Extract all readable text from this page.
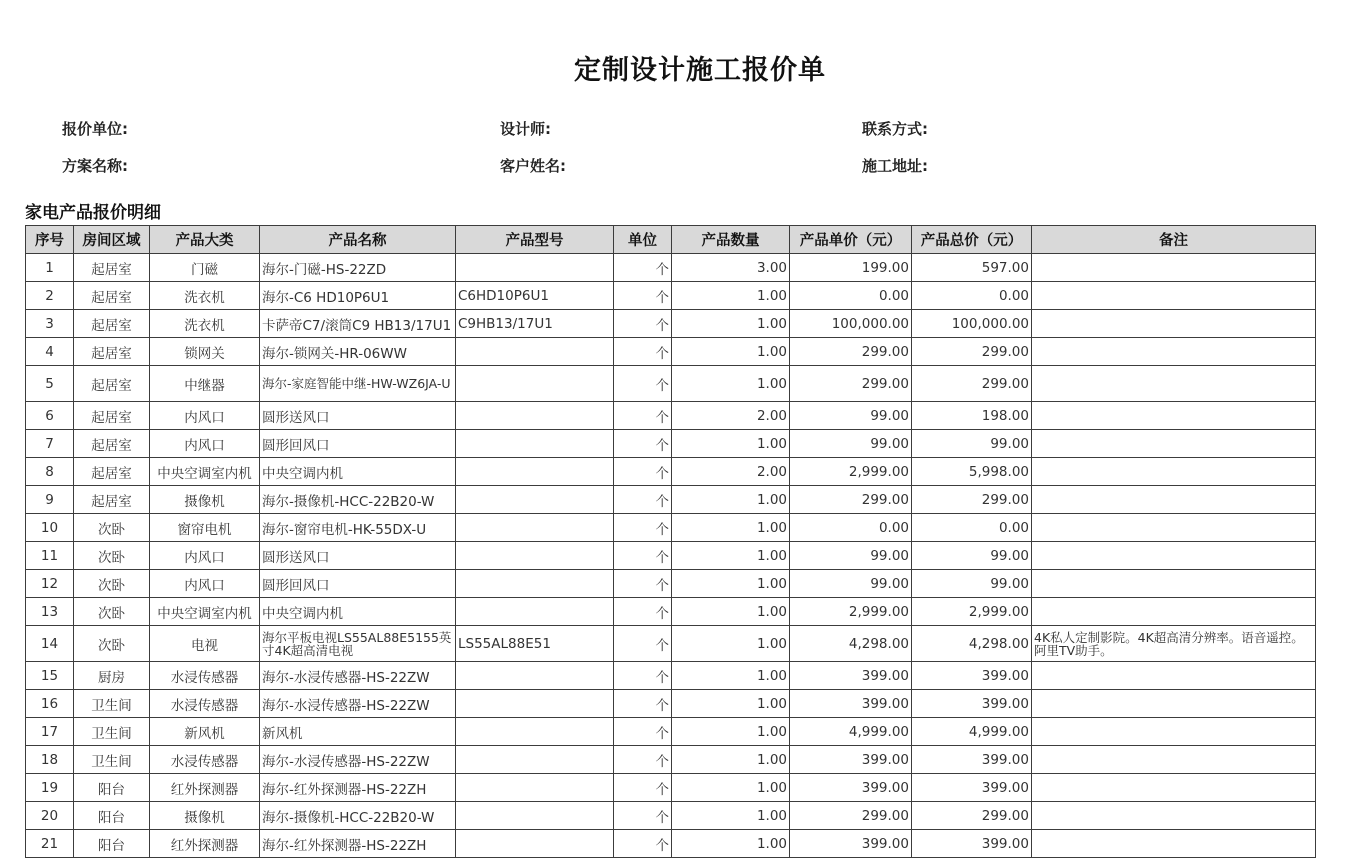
定制设计施工报价单
报价单位:	设计师:	联系方式:
方案名称:	客户姓名:	施工地址:
家电产品报价明细
序号	房间区域	产品大类	产品名称	产品型号	单位	产品数量	产品单价（元）	产品总价（元）	备注
1	起居室	门磁	海尔-门磁-HS-22ZD		个	3.00	199.00	597.00	
2	起居室	洗衣机	海尔-C6 HD10P6U1	C6HD10P6U1	个	1.00	0.00	0.00	
3	起居室	洗衣机	卡萨帝C7/滚筒C9 HB13/17U1	C9HB13/17U1	个	1.00	100,000.00	100,000.00	
4	起居室	锁网关	海尔-锁网关-HR-06WW		个	1.00	299.00	299.00	
5	起居室	中继器	海尔-家庭智能中继-HW-WZ6JA-U		个	1.00	299.00	299.00	
6	起居室	内风口	圆形送风口		个	2.00	99.00	198.00	
7	起居室	内风口	圆形回风口		个	1.00	99.00	99.00	
8	起居室	中央空调室内机	中央空调内机		个	2.00	2,999.00	5,998.00	
9	起居室	摄像机	海尔-摄像机-HCC-22B20-W		个	1.00	299.00	299.00	
10	次卧	窗帘电机	海尔-窗帘电机-HK-55DX-U		个	1.00	0.00	0.00	
11	次卧	内风口	圆形送风口		个	1.00	99.00	99.00	
12	次卧	内风口	圆形回风口		个	1.00	99.00	99.00	
13	次卧	中央空调室内机	中央空调内机		个	1.00	2,999.00	2,999.00	
14	次卧	电视	海尔平板电视LS55AL88E5155英寸4K超高清电视	LS55AL88E51	个	1.00	4,298.00	4,298.00	4K私人定制影院。4K超高清分辨率。语音遥控。阿里TV助手。
15	厨房	水浸传感器	海尔-水浸传感器-HS-22ZW		个	1.00	399.00	399.00	
16	卫生间	水浸传感器	海尔-水浸传感器-HS-22ZW		个	1.00	399.00	399.00	
17	卫生间	新风机	新风机		个	1.00	4,999.00	4,999.00	
18	卫生间	水浸传感器	海尔-水浸传感器-HS-22ZW		个	1.00	399.00	399.00	
19	阳台	红外探测器	海尔-红外探测器-HS-22ZH		个	1.00	399.00	399.00	
20	阳台	摄像机	海尔-摄像机-HCC-22B20-W		个	1.00	299.00	299.00	
21	阳台	红外探测器	海尔-红外探测器-HS-22ZH		个	1.00	399.00	399.00	
